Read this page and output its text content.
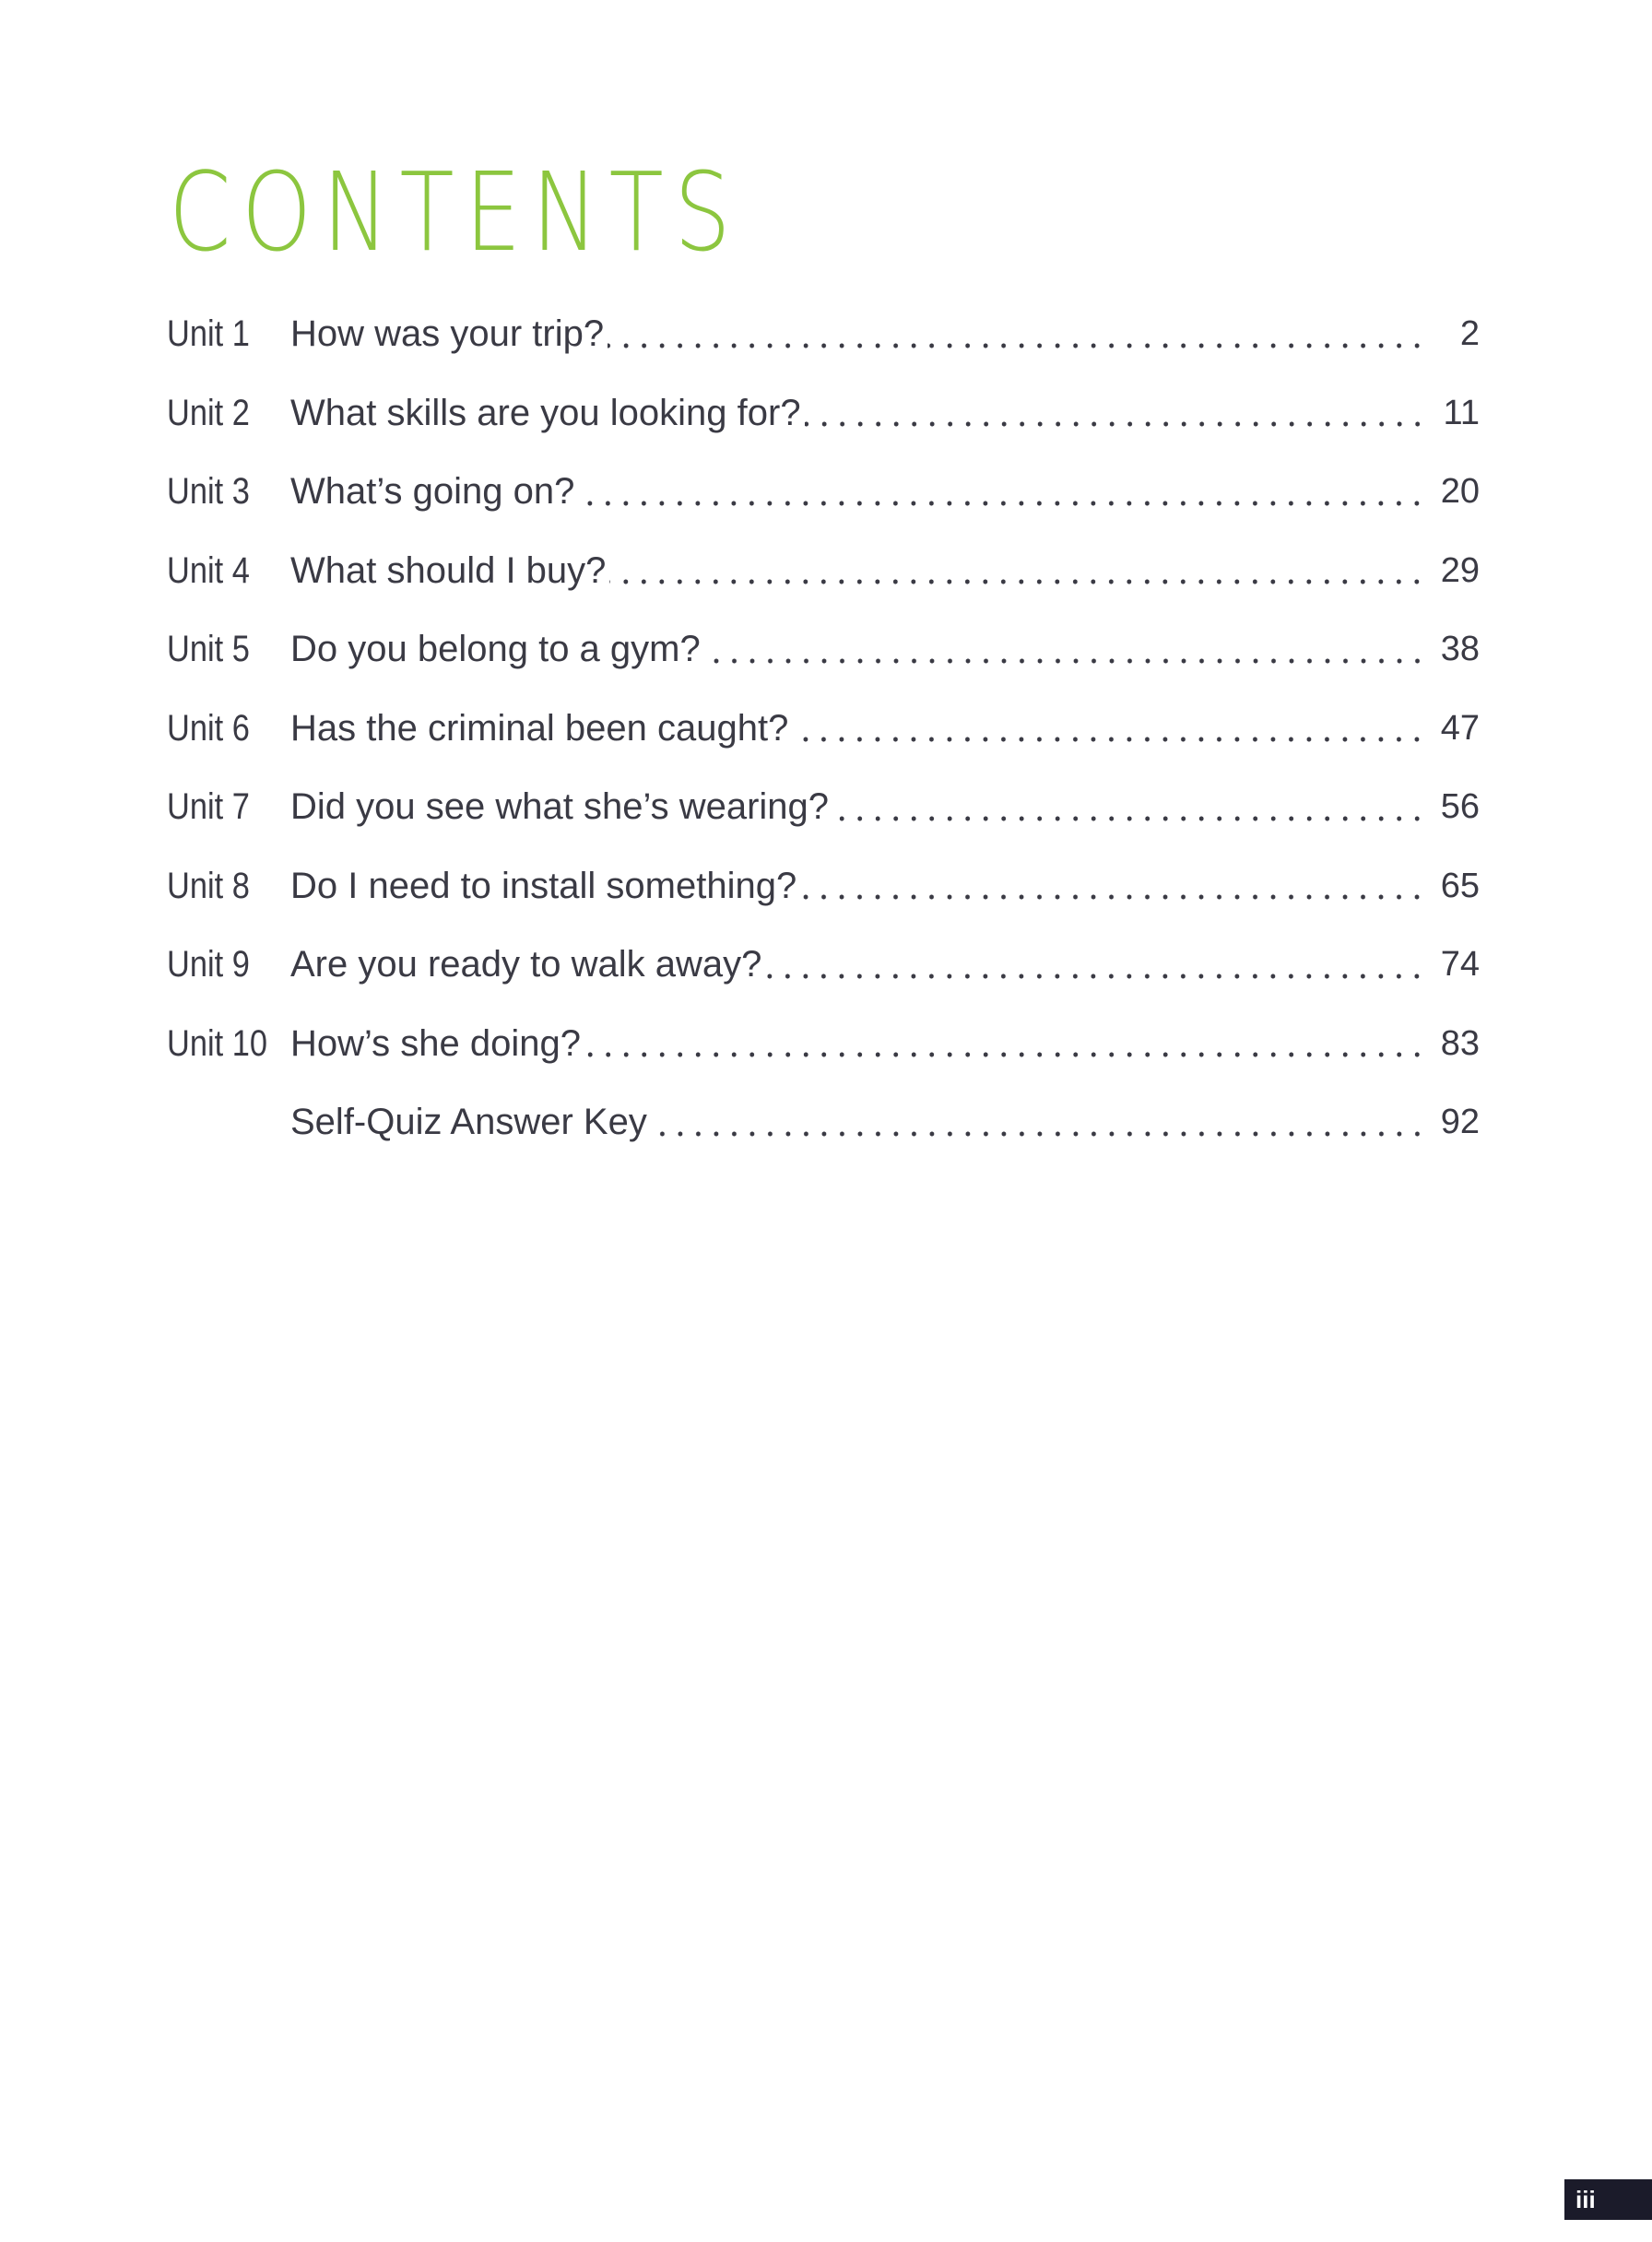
CONTENTS
Unit 1	How was your trip?	2
Unit 2	What skills are you looking for?	11
Unit 3	What’s going on?	20
Unit 4	What should I buy?	29
Unit 5	Do you belong to a gym?	38
Unit 6	Has the criminal been caught?	47
Unit 7	Did you see what she’s wearing?	56
Unit 8	Do I need to install something?	65
Unit 9	Are you ready to walk away?	74
Unit 10 How’s she doing?	83
Self-Quiz Answer Key	92
iii
